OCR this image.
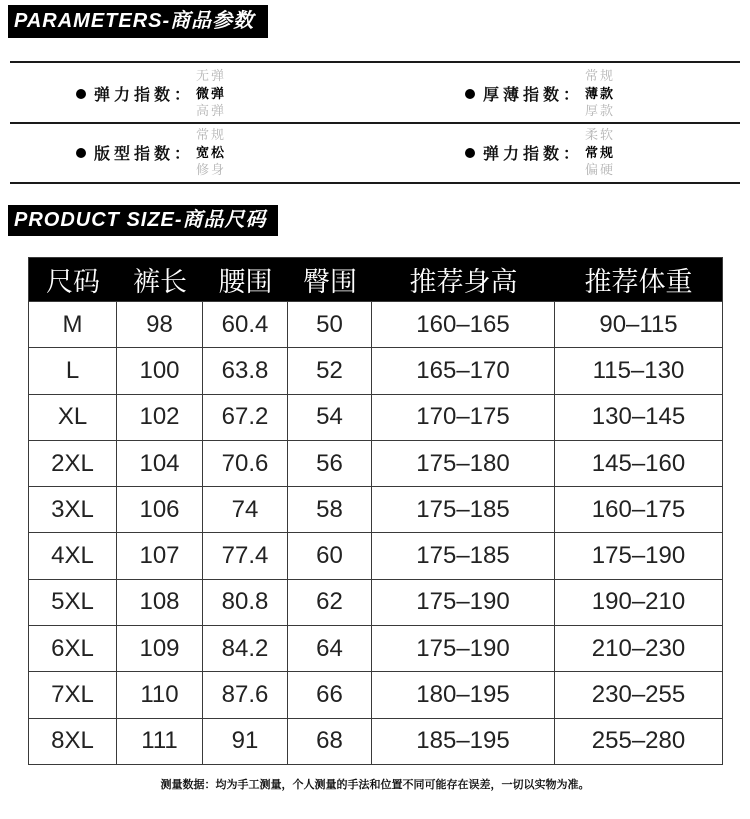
PARAMETERS-商品参数
弹力指数：
无弹
微弹
高弹
厚薄指数：
常规
薄款
厚款
版型指数：
常规
宽松
修身
弹力指数：
柔软
常规
偏硬
PRODUCT SIZE-商品尺码
尺码	裤长	腰围	臀围	推荐身高	推荐体重
M	98	60.4	50	160–165	90–115
L	100	63.8	52	165–170	115–130
XL	102	67.2	54	170–175	130–145
2XL	104	70.6	56	175–180	145–160
3XL	106	74	58	175–185	160–175
4XL	107	77.4	60	175–185	175–190
5XL	108	80.8	62	175–190	190–210
6XL	109	84.2	64	175–190	210–230
7XL	110	87.6	66	180–195	230–255
8XL	111	91	68	185–195	255–280
测量数据：均为手工测量，个人测量的手法和位置不同可能存在误差，一切以实物为准。
